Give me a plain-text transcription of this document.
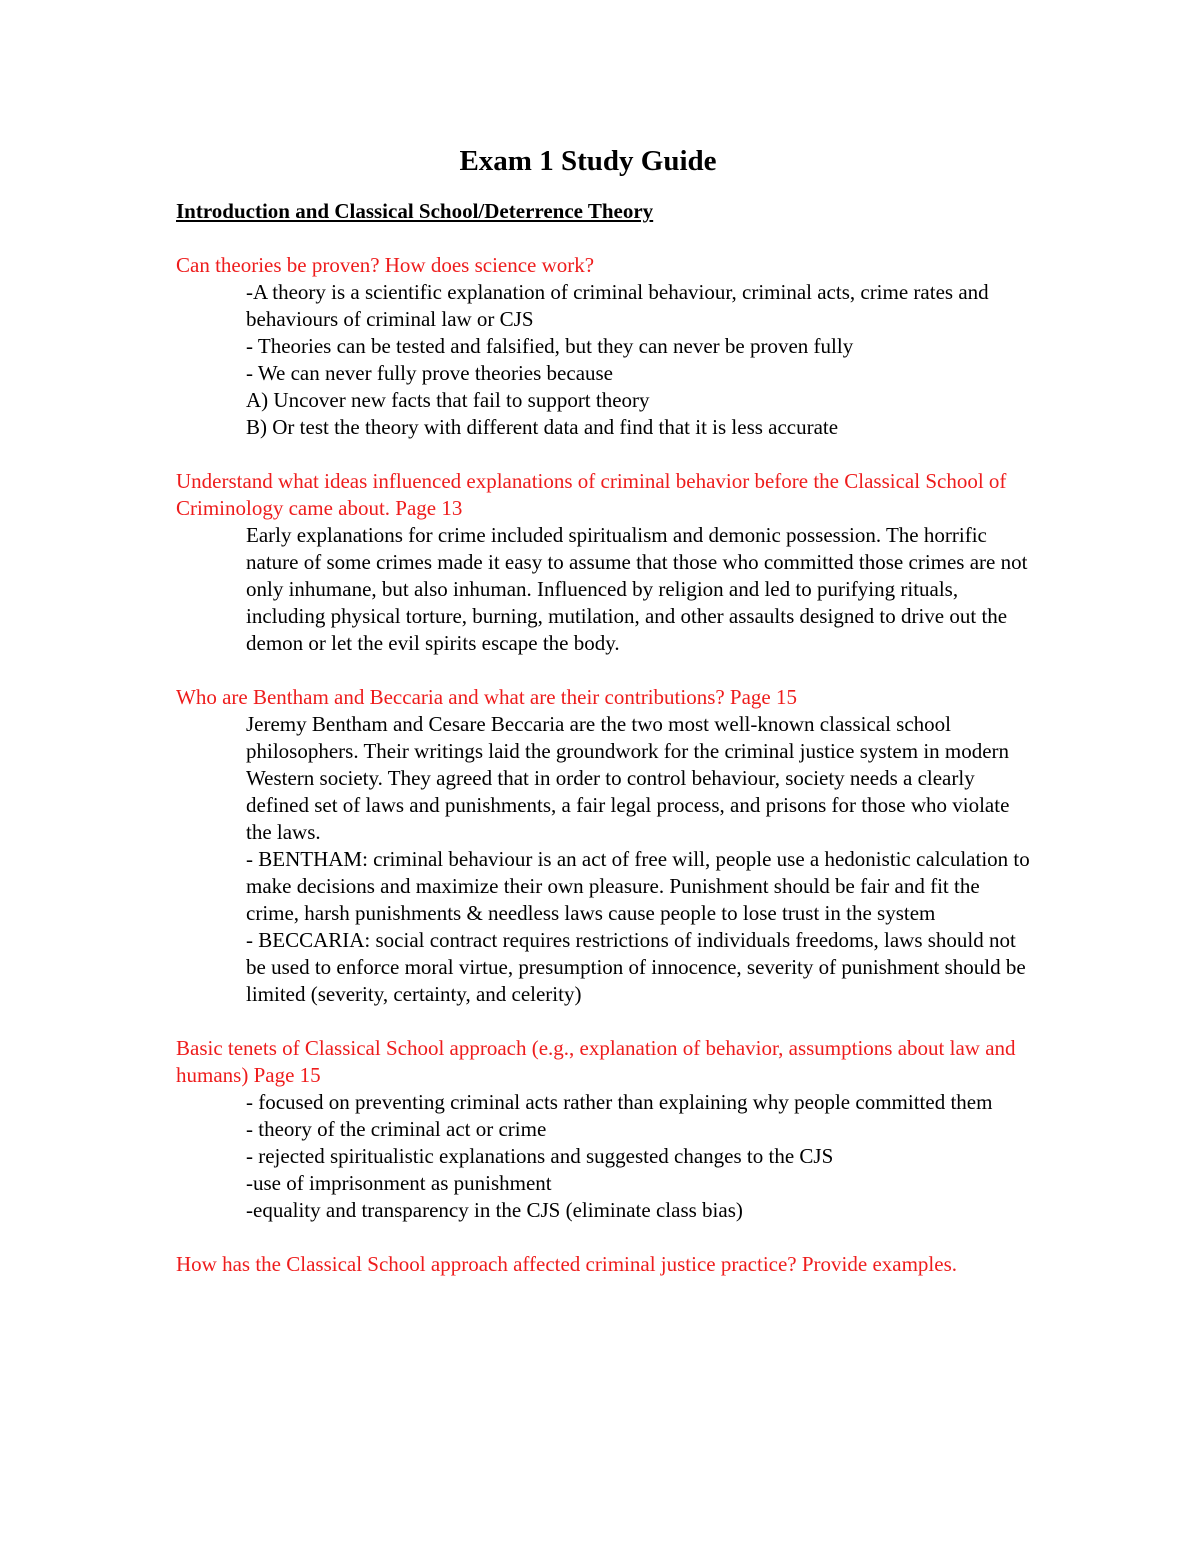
Exam 1 Study Guide
Introduction and Classical School/Deterrence Theory

Can theories be proven? How does science work?

-A theory is a scientific explanation of criminal behaviour, criminal acts, crime rates and behaviours of criminal law or CJS

- Theories can be tested and falsified, but they can never be proven fully

- We can never fully prove theories because

A) Uncover new facts that fail to support theory

B) Or test the theory with different data and find that it is less accurate

Understand what ideas influenced explanations of criminal behavior before the Classical School of Criminology came about. Page 13

Early explanations for crime included spiritualism and demonic possession. The horrific nature of some crimes made it easy to assume that those who committed those crimes are not only inhumane, but also inhuman. Influenced by religion and led to purifying rituals, including physical torture, burning, mutilation, and other assaults designed to drive out the demon or let the evil spirits escape the body.

Who are Bentham and Beccaria and what are their contributions? Page 15

Jeremy Bentham and Cesare Beccaria are the two most well-known classical school philosophers. Their writings laid the groundwork for the criminal justice system in modern Western society. They agreed that in order to control behaviour, society needs a clearly defined set of laws and punishments, a fair legal process, and prisons for those who violate the laws.

- BENTHAM: criminal behaviour is an act of free will, people use a hedonistic calculation to make decisions and maximize their own pleasure. Punishment should be fair and fit the crime, harsh punishments & needless laws cause people to lose trust in the system

- BECCARIA: social contract requires restrictions of individuals freedoms, laws should not be used to enforce moral virtue, presumption of innocence, severity of punishment should be limited (severity, certainty, and celerity)

Basic tenets of Classical School approach (e.g., explanation of behavior, assumptions about law and humans) Page 15

- focused on preventing criminal acts rather than explaining why people committed them

- theory of the criminal act or crime

- rejected spiritualistic explanations and suggested changes to the CJS

-use of imprisonment as punishment

-equality and transparency in the CJS (eliminate class bias)

How has the Classical School approach affected criminal justice practice? Provide examples.
